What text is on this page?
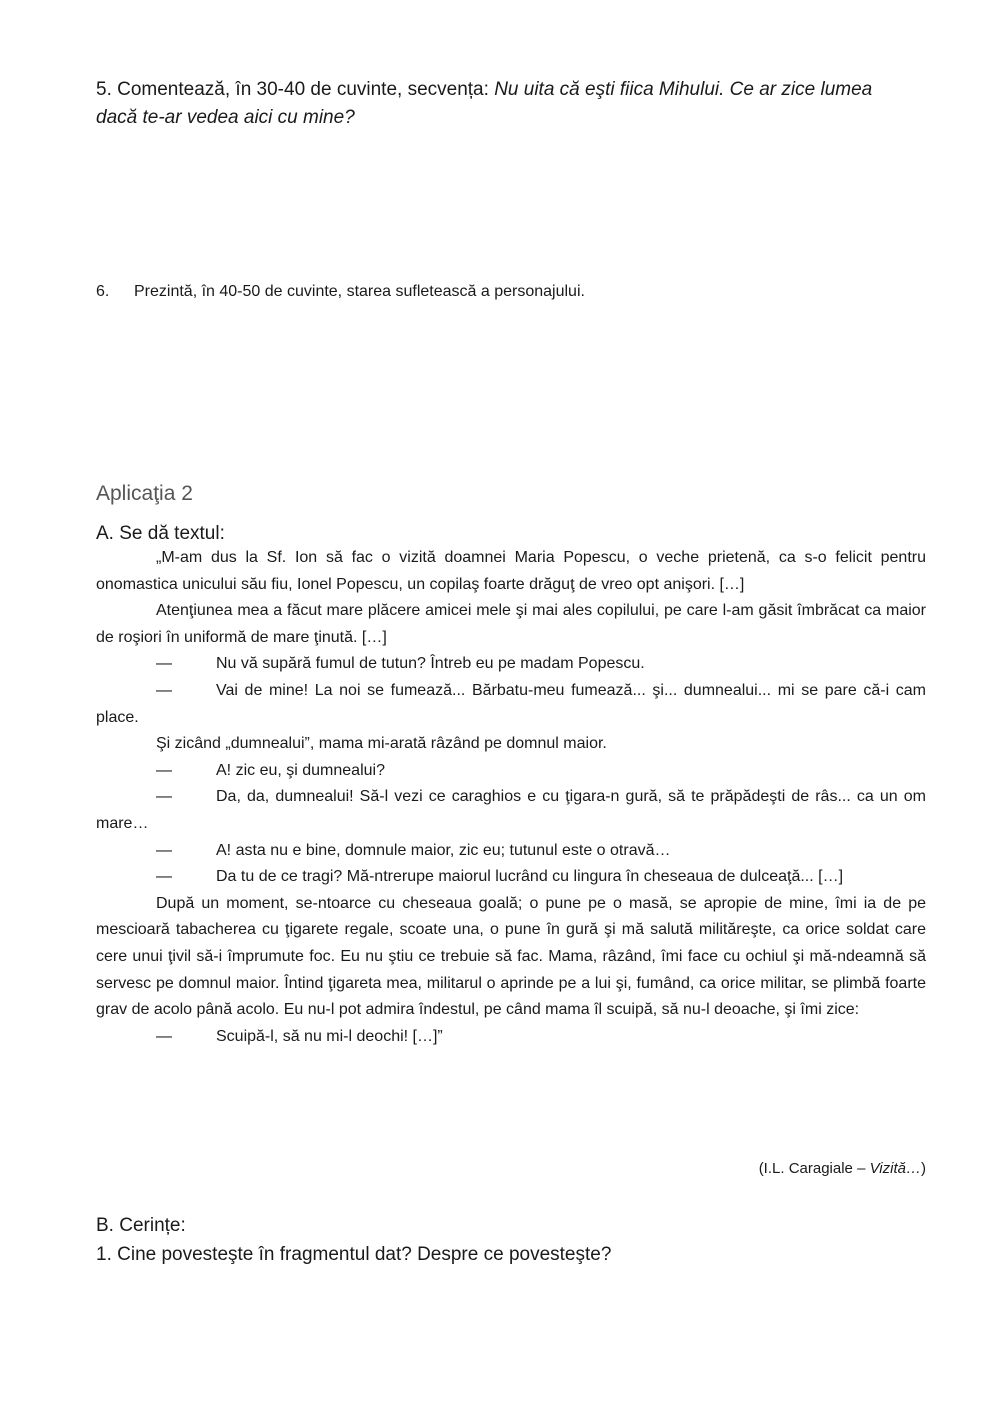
5. Comentează, în 30-40 de cuvinte, secvența: Nu uita că eşti fiica Mihului. Ce ar zice lumea dacă te-ar vedea aici cu mine?
6. Prezintă, în 40-50 de cuvinte, starea sufletească a personajului.
Aplicaţia 2
A. Se dă textul:

„M-am dus la Sf. Ion să fac o vizită doamnei Maria Popescu, o veche prietenă, ca s-o felicit pentru onomastica unicului său fiu, Ionel Popescu, un copilaş foarte drăguţ de vreo opt anişori. […]

Atenţiunea mea a făcut mare plăcere amicei mele şi mai ales copilului, pe care l-am găsit îmbrăcat ca maior de roşiori în uniformă de mare ţinută. […]

—	Nu vă supără fumul de tutun? Întreb eu pe madam Popescu.

—	Vai de mine! La noi se fumează... Bărbatu-meu fumează... şi... dumnealui... mi se pare că-i cam place.

Şi zicând „dumnealui”, mama mi-arată râzând pe domnul maior.

—	A! zic eu, şi dumnealui?

—	Da, da, dumnealui! Să-l vezi ce caraghios e cu ţigara-n gură, să te prăpădeşti de râs... ca un om mare…

—	A! asta nu e bine, domnule maior, zic eu; tutunul este o otravă…

—	Da tu de ce tragi? Mă-ntrerupe maiorul lucrând cu lingura în cheseaua de dulceaţă... […]

După un moment, se-ntoarce cu cheseaua goală; o pune pe o masă, se apropie de mine, îmi ia de pe mescioară tabacherea cu ţigarete regale, scoate una, o pune în gură şi mă salută milităreşte, ca orice soldat care cere unui ţivil să-i împrumute foc. Eu nu ştiu ce trebuie să fac. Mama, râzând, îmi face cu ochiul şi mă-ndeamnă să servesc pe domnul maior. Întind ţigareta mea, militarul o aprinde pe a lui şi, fumând, ca orice militar, se plimbă foarte grav de acolo până acolo. Eu nu-l pot admira îndestul, pe când mama îl scuipă, să nu-l deoache, şi îmi zice:

—	Scuipă-l, să nu mi-l deochi! […]”

(I.L. Caragiale – Vizită…)
B. Cerințe:
1. Cine povesteşte în fragmentul dat? Despre ce povesteşte?
